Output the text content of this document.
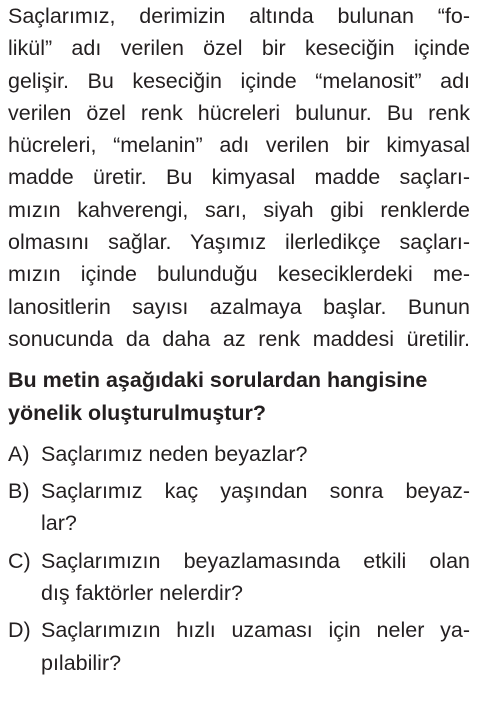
Saçlarımız, derimizin altında bulunan “fo-
likül” adı verilen özel bir keseciğin içinde
gelişir. Bu keseciğin içinde “melanosit” adı
verilen özel renk hücreleri bulunur. Bu renk
hücreleri, “melanin” adı verilen bir kimyasal
madde üretir. Bu kimyasal madde saçları-
mızın kahverengi, sarı, siyah gibi renklerde
olmasını sağlar. Yaşımız ilerledikçe saçları-
mızın içinde bulunduğu keseciklerdeki me-
lanositlerin sayısı azalmaya başlar. Bunun
sonucunda da daha az renk maddesi üretilir.
Bu metin aşağıdaki sorulardan hangisine
yönelik oluşturulmuştur?
A) Saçlarımız neden beyazlar?
B) Saçlarımız kaç yaşından sonra beyaz-
lar?
C) Saçlarımızın beyazlamasında etkili olan
dış faktörler nelerdir?
D) Saçlarımızın hızlı uzaması için neler ya-
pılabilir?
